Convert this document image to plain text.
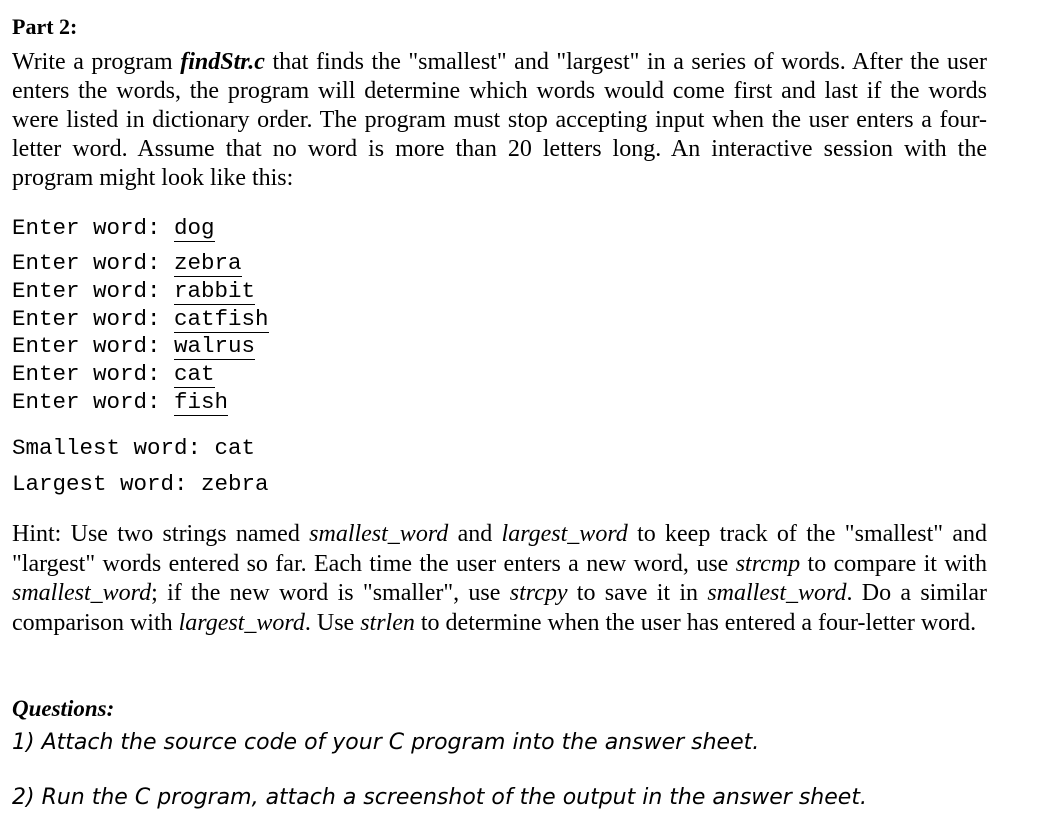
Part 2:

Write a program findStr.c that finds the "smallest" and "largest" in a series of words. After the user enters the words, the program will determine which words would come first and last if the words were listed in dictionary order. The program must stop accepting input when the user enters a four-letter word. Assume that no word is more than 20 letters long. An interactive session with the program might look like this:

Enter word: dog
Enter word: zebra
Enter word: rabbit
Enter word: catfish
Enter word: walrus
Enter word: cat
Enter word: fish
Smallest word: cat
Largest word: zebra

Hint: Use two strings named smallest_word and largest_word to keep track of the "smallest" and "largest" words entered so far. Each time the user enters a new word, use strcmp to compare it with smallest_word; if the new word is "smaller", use strcpy to save it in smallest_word. Do a similar comparison with largest_word. Use strlen to determine when the user has entered a four-letter word.

Questions:
1) Attach the source code of your C program into the answer sheet.
2) Run the C program, attach a screenshot of the output in the answer sheet.
